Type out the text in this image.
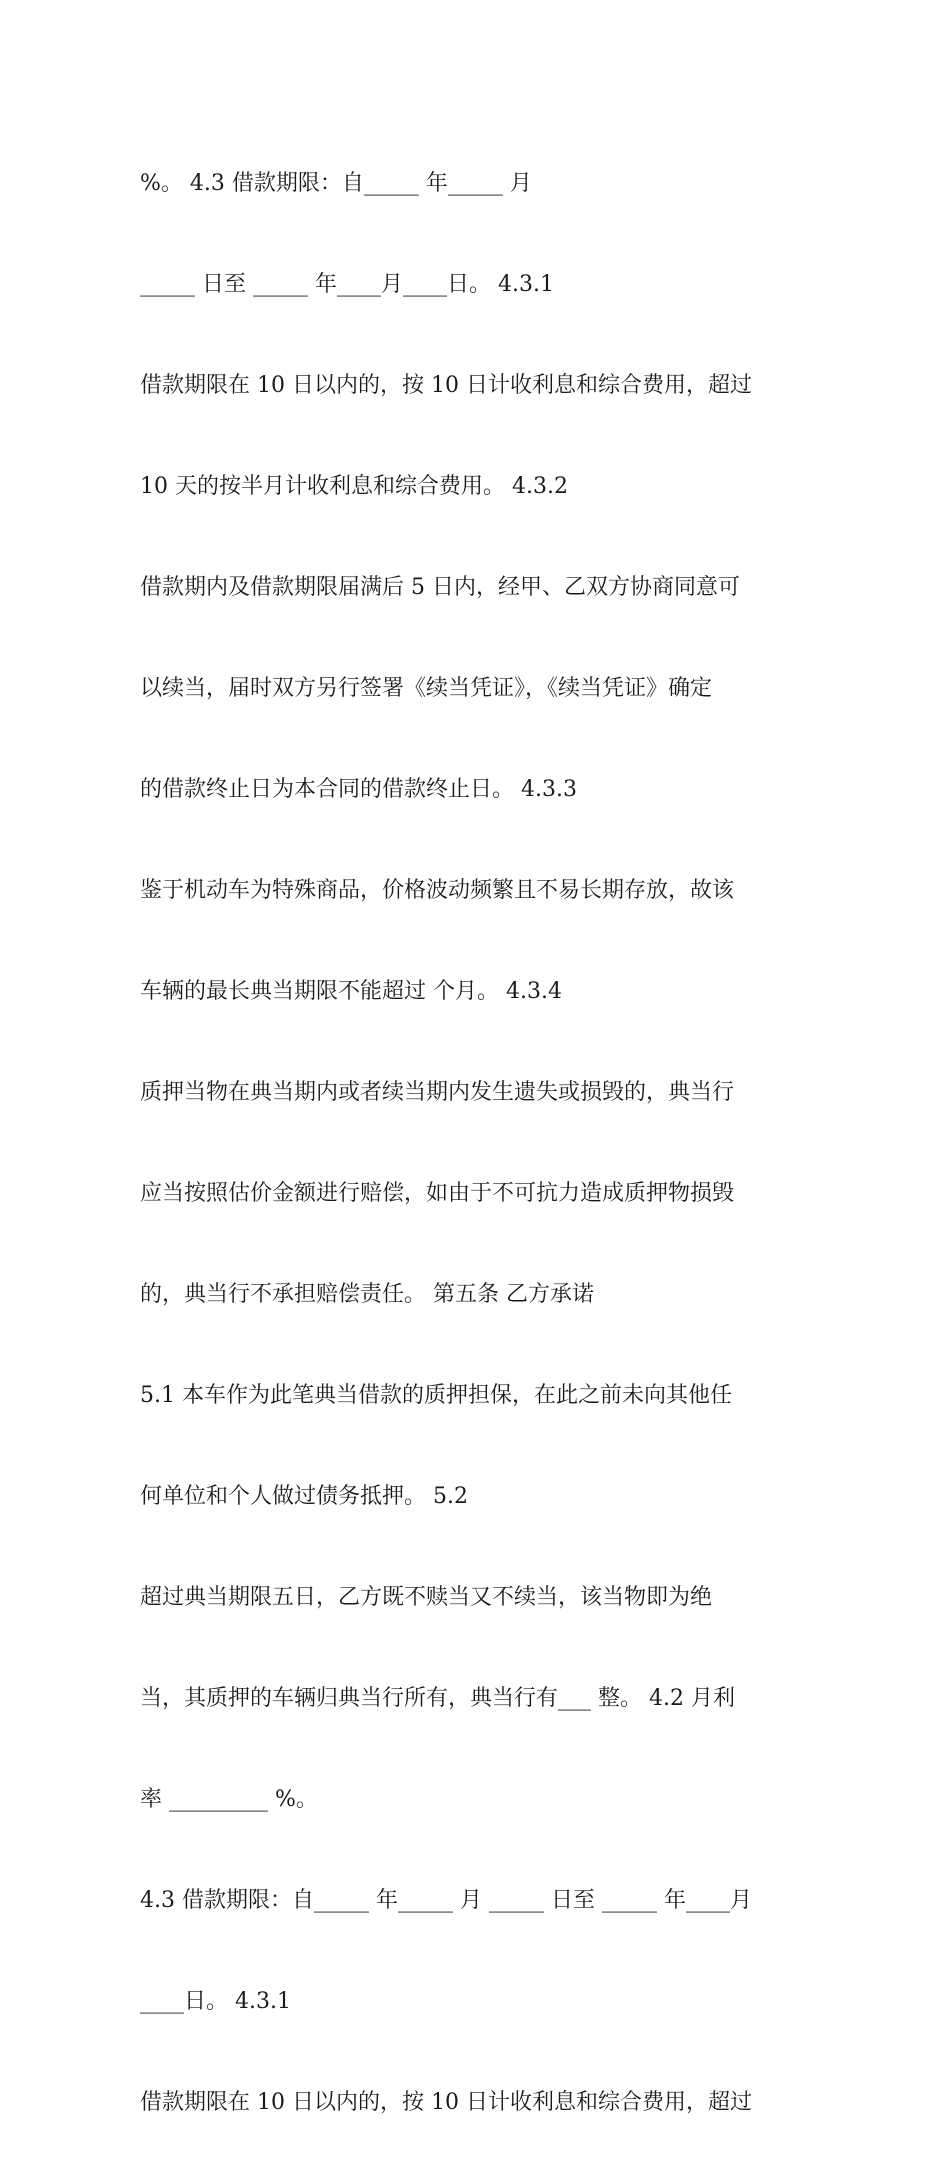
%。 4.3 借款期限：自_____ 年_____ 月

_____ 日至 _____ 年____月____日。 4.3.1

借款期限在 10 日以内的，按 10 日计收利息和综合费用，超过

10 天的按半月计收利息和综合费用。 4.3.2

借款期内及借款期限届满后 5 日内，经甲、乙双方协商同意可

以续当，届时双方另行签署《续当凭证》，《续当凭证》确定

的借款终止日为本合同的借款终止日。 4.3.3

鉴于机动车为特殊商品，价格波动频繁且不易长期存放，故该

车辆的最长典当期限不能超过 个月。 4.3.4

质押当物在典当期内或者续当期内发生遗失或损毁的，典当行

应当按照估价金额进行赔偿，如由于不可抗力造成质押物损毁

的，典当行不承担赔偿责任。 第五条 乙方承诺

5.1 本车作为此笔典当借款的质押担保，在此之前未向其他任

何单位和个人做过债务抵押。 5.2

超过典当期限五日，乙方既不赎当又不续当，该当物即为绝

当，其质押的车辆归典当行所有，典当行有___ 整。 4.2 月利

率 _________ %。

4.3 借款期限：自_____ 年_____ 月 _____ 日至 _____ 年____月

____日。 4.3.1

借款期限在 10 日以内的，按 10 日计收利息和综合费用，超过
